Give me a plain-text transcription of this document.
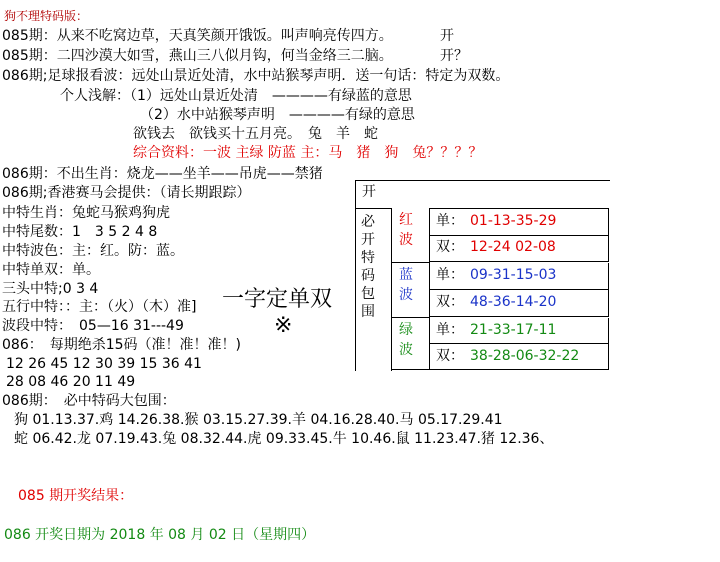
狗不理特码版：
085期：从来不吃窝边草，天真笑颜开饿饭。叫声响亮传四方。	开
085期：二四沙漠大如雪，燕山三八似月钩，何当金络三二脑。	开？
086期;足球报看波：远处山景近处清，水中站猴琴声明．送一句话：特定为双数。
个人浅解：（1）远处山景近处清　————有绿蓝的意思
（2）水中站猴琴声明　————有绿的意思
欲钱去　欲钱买十五月亮。　兔　羊　蛇
综合资料：一波 主绿 防蓝 主：马　猪　狗　兔？？？？
086期：不出生肖：烧龙——坐羊——吊虎——禁猪
086期;香港赛马会提供：（请长期跟踪）
中特生肖：兔蛇马猴鸡狗虎
中特尾数：1　3 5 2 4 8
中特波色：主：红。防：蓝。
中特单双：单。
三头中特;0 3 4
五行中特：：主：（火）（木）准]
波段中特：　05—16 31---49
一字定单双
※
086：　每期绝杀15码（准！准！准！)
12 26 45 12 30 39 15 36 41
28 08 46 20 11 49
086期：　必中特码大包围：
狗 01.13.37.鸡 14.26.38.猴 03.15.27.39.羊 04.16.28.40.马 05.17.29.41
蛇 06.42.龙 07.19.43.兔 08.32.44.虎 09.33.45.牛 10.46.鼠 11.23.47.猪 12.36、
开
必
开
特
码
包
围
红
波
单： 01-13-35-29
双： 12-24 02-08
蓝
波
单： 09-31-15-03
双： 48-36-14-20
绿
波
单： 21-33-17-11
双： 38-28-06-32-22
085 期开奖结果：
086 开奖日期为 2018 年 08 月 02 日（星期四）
